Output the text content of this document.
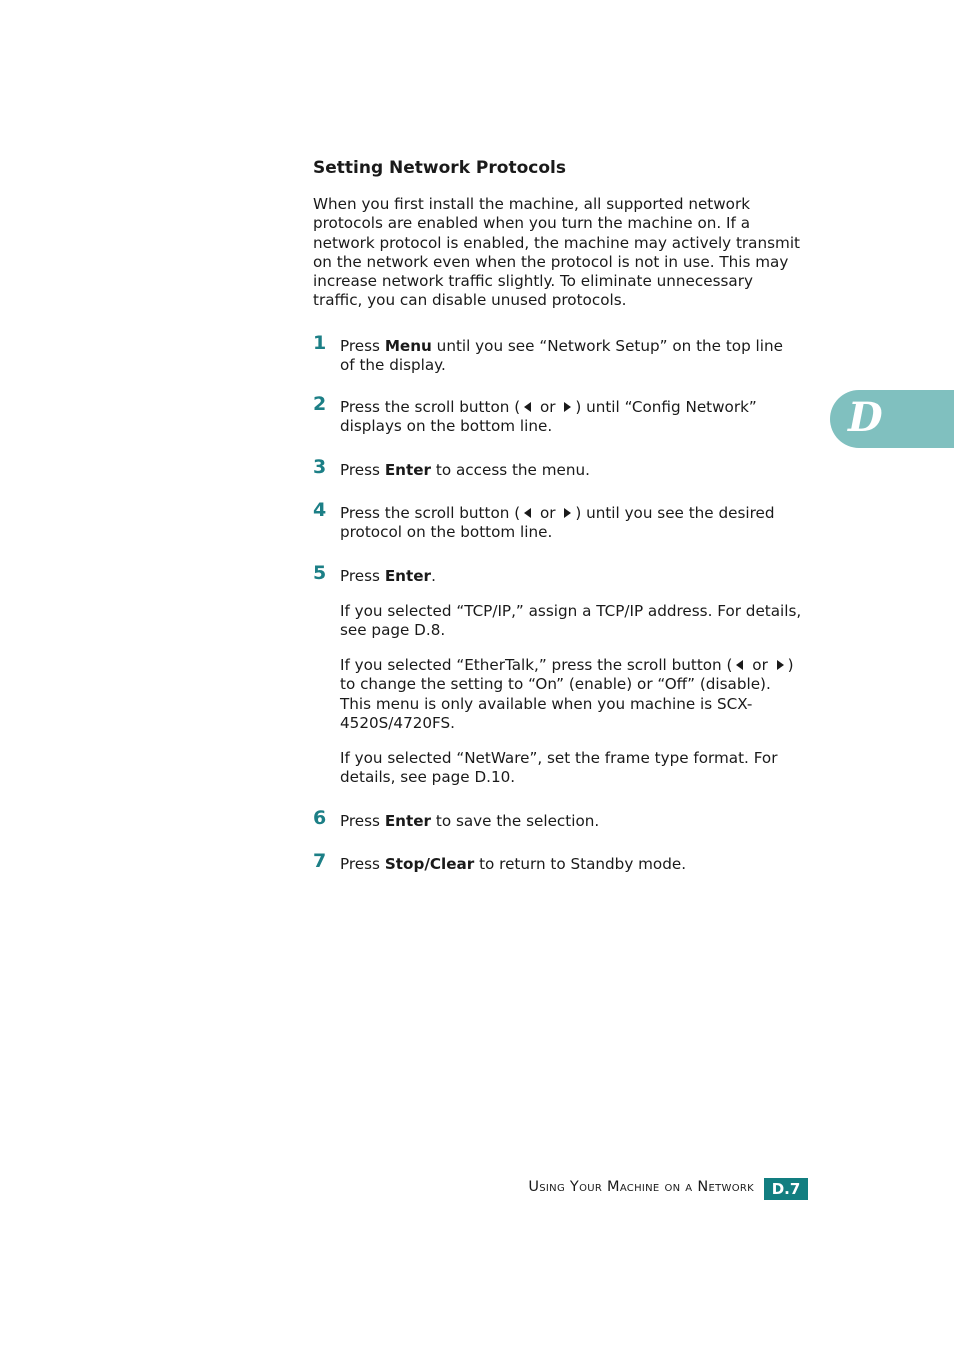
Setting Network Protocols

When you first install the machine, all supported network protocols are enabled when you turn the machine on. If a network protocol is enabled, the machine may actively transmit on the network even when the protocol is not in use. This may increase network traffic slightly. To eliminate unnecessary traffic, you can disable unused protocols.

1 Press Menu until you see “Network Setup” on the top line of the display.

2 Press the scroll button ( or ) until “Config Network” displays on the bottom line.

3 Press Enter to access the menu.

4 Press the scroll button ( or ) until you see the desired protocol on the bottom line.

5 Press Enter.

If you selected “TCP/IP,” assign a TCP/IP address. For details, see page D.8.

If you selected “EtherTalk,” press the scroll button ( or ) to change the setting to “On” (enable) or “Off” (disable). This menu is only available when you machine is SCX-4520S/4720FS.

If you selected “NetWare”, set the frame type format. For details, see page D.10.

6 Press Enter to save the selection.

7 Press Stop/Clear to return to Standby mode.

D
Using Your Machine on a Network	D.7
